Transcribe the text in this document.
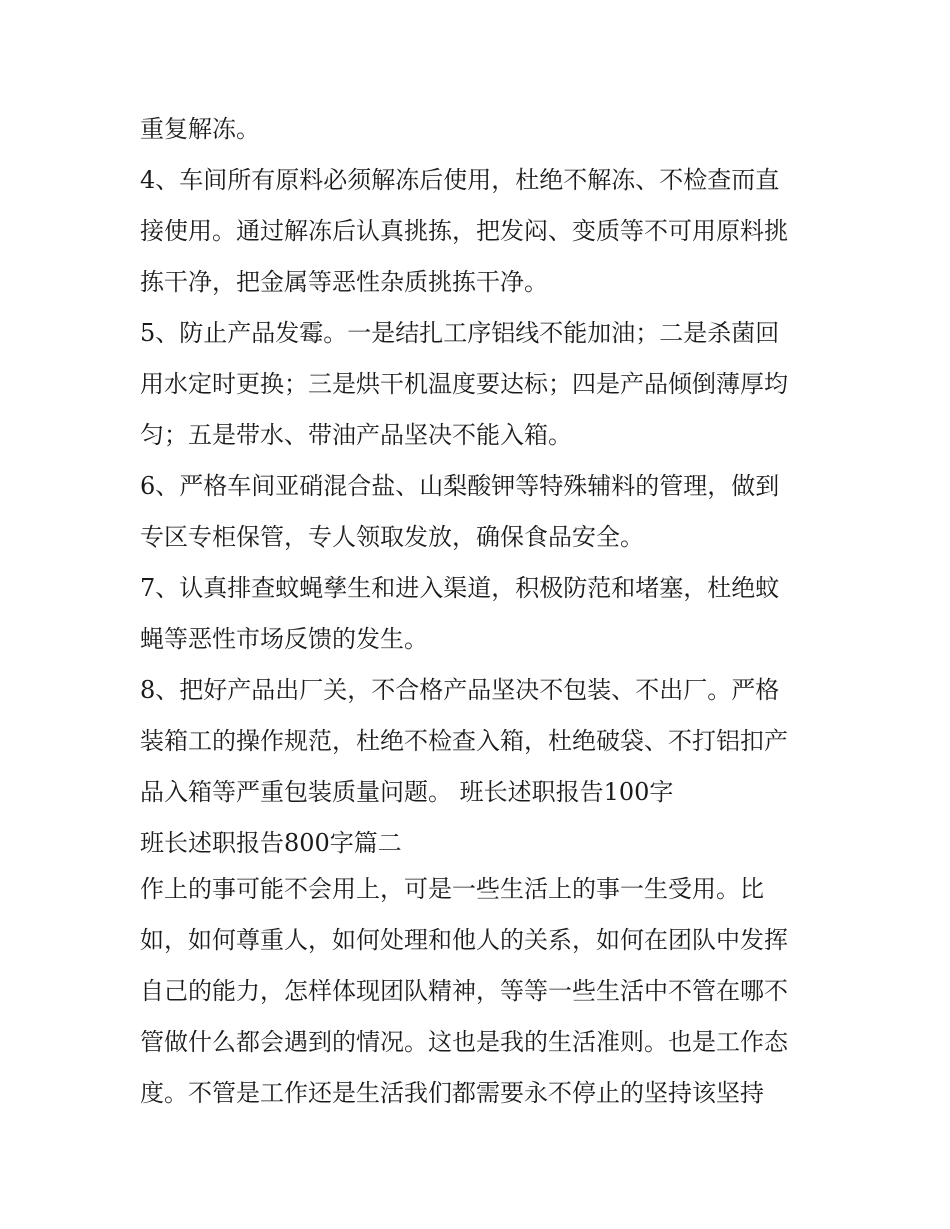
重复解冻。
4、车间所有原料必须解冻后使用，杜绝不解冻、不检查而直
接使用。通过解冻后认真挑拣，把发闷、变质等不可用原料挑
拣干净，把金属等恶性杂质挑拣干净。
5、防止产品发霉。一是结扎工序铝线不能加油；二是杀菌回
用水定时更换；三是烘干机温度要达标；四是产品倾倒薄厚均
匀；五是带水、带油产品坚决不能入箱。
6、严格车间亚硝混合盐、山梨酸钾等特殊辅料的管理，做到
专区专柜保管，专人领取发放，确保食品安全。
7、认真排查蚊蝇孳生和进入渠道，积极防范和堵塞，杜绝蚊
蝇等恶性市场反馈的发生。
8、把好产品出厂关，不合格产品坚决不包装、不出厂。严格
装箱工的操作规范，杜绝不检查入箱，杜绝破袋、不打铝扣产
品入箱等严重包装质量问题。 班长述职报告100字
班长述职报告800字篇二
作上的事可能不会用上，可是一些生活上的事一生受用。比
如，如何尊重人，如何处理和他人的关系，如何在团队中发挥
自己的能力，怎样体现团队精神，等等一些生活中不管在哪不
管做什么都会遇到的情况。这也是我的生活准则。也是工作态
度。不管是工作还是生活我们都需要永不停止的坚持该坚持
